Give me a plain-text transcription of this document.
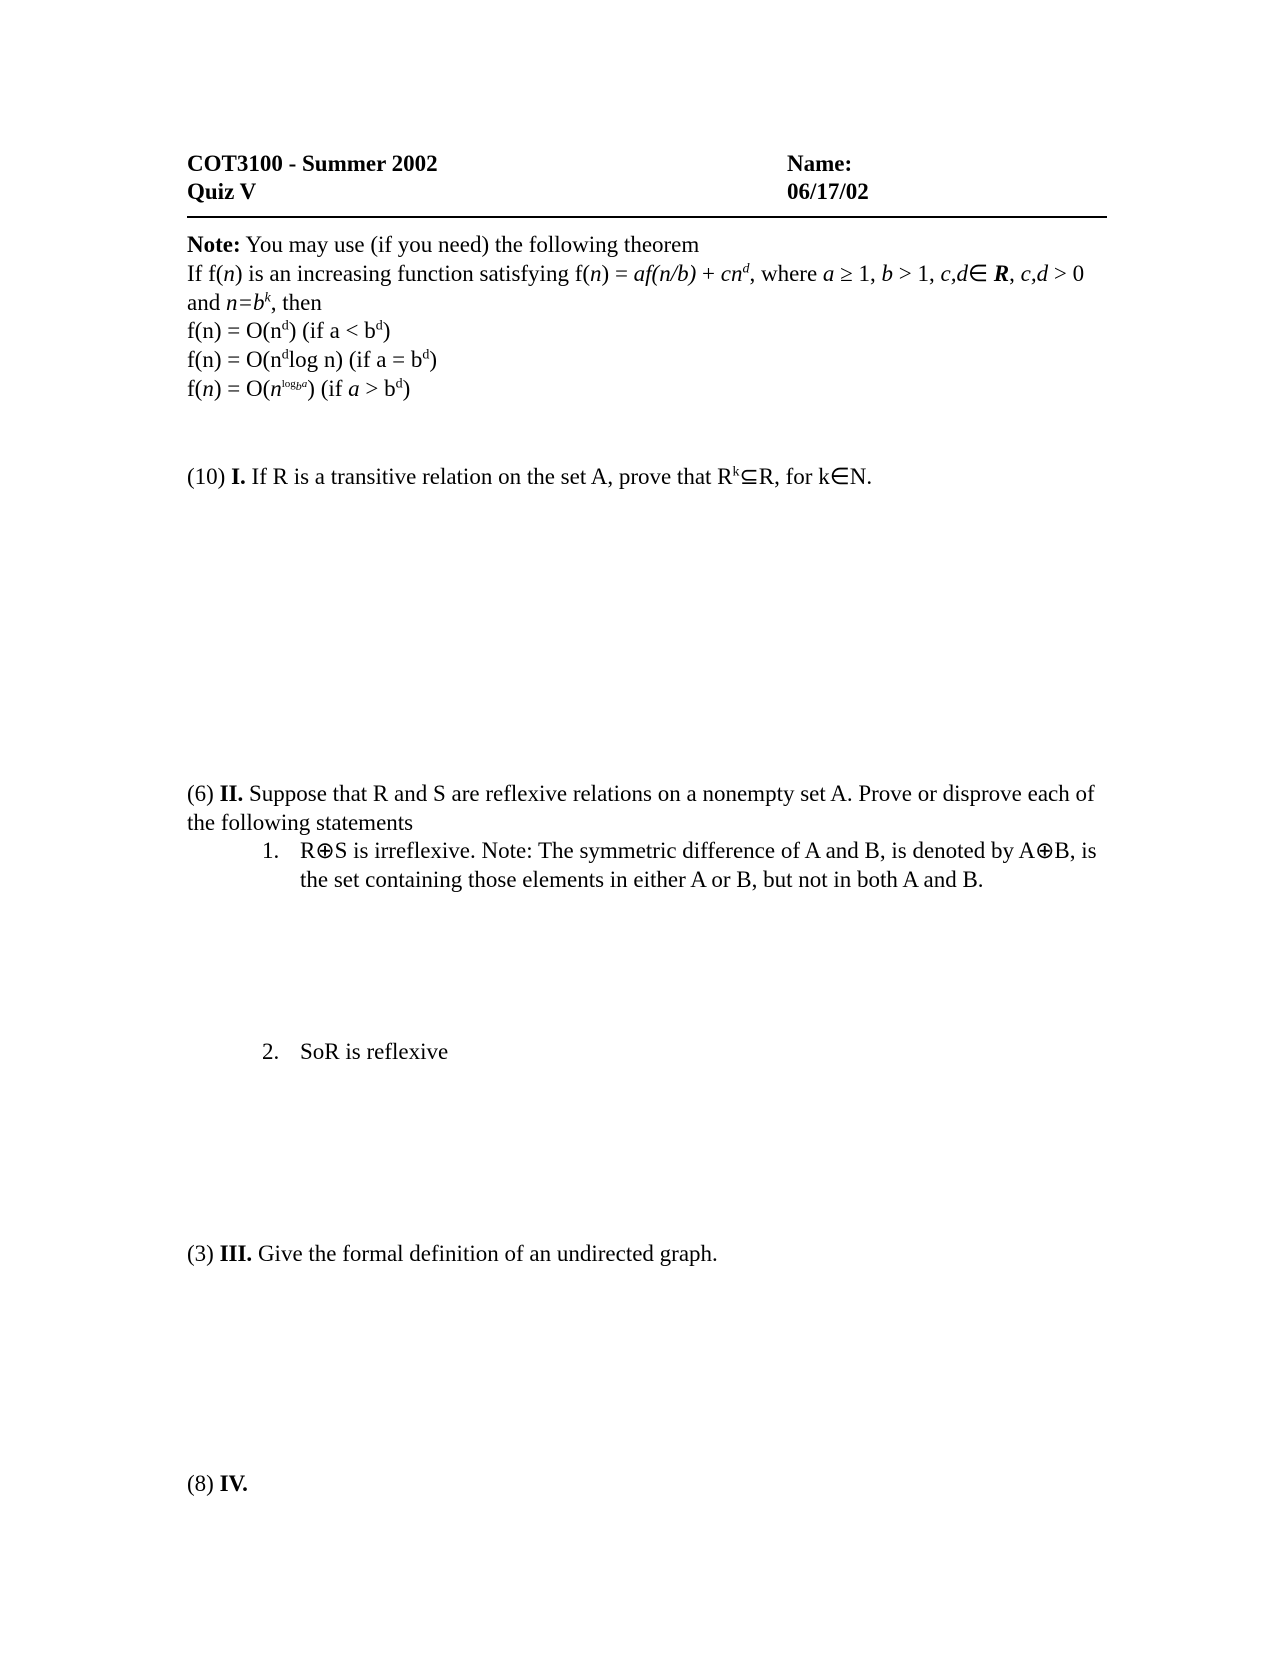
COT3100 - Summer 2002
Quiz V
Name:
06/17/02
Note: You may use (if you need) the following theorem
If f(n) is an increasing function satisfying $f(n) = af(n/b) + cn^d$, where a ≥ 1, b > 1, c,d∈ R, c,d > 0
and $n=b^k$, then
$f(n) = O(n^d)$ (if $a < b^d$)
$f(n) = O(n^d\log$ n) (if $a = b^d$)
$f(n) = O(n^{log_ba})$ (if $a > b^d$)
(10) I. If R is a transitive relation on the set A, prove that $R^k⊆R$, for k∈N.
(6) II. Suppose that R and S are reflexive relations on a nonempty set A. Prove or disprove each of
the following statements
1. R⊕S is irreflexive. Note: The symmetric difference of A and B, is denoted by A⊕B, is
the set containing those elements in either A or B, but not in both A and B.
2. SoR is reflexive
(3) III. Give the formal definition of an undirected graph.
(8) IV.
